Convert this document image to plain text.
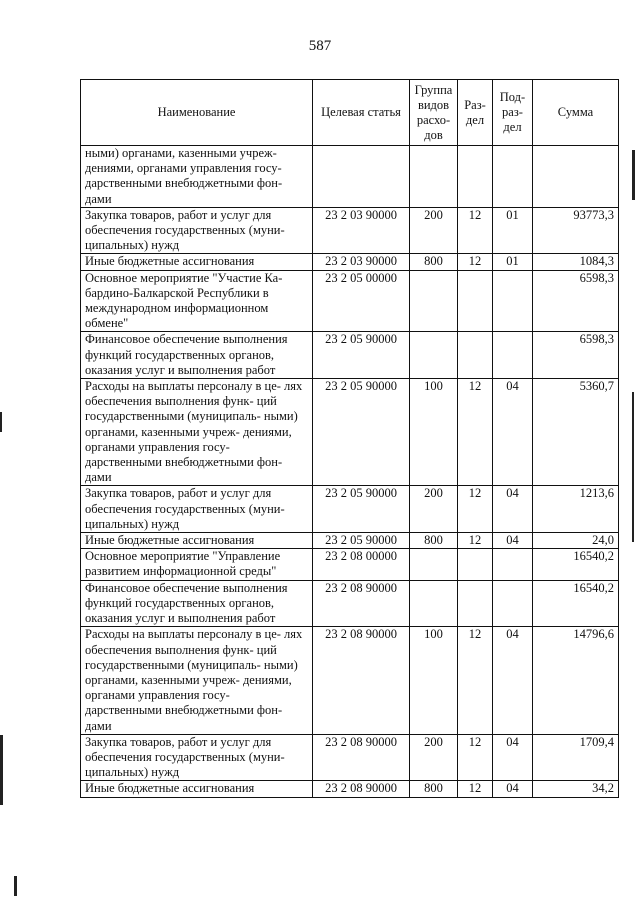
587
Наименование	Целевая статья	Группа видов расхо- дов	Раз- дел	Под- раз- дел	Сумма
ными) органами, казенными учреж- дениями, органами управления госу- дарственными внебюджетными фон- дами					
Закупка товаров, работ и услуг для обеспечения государственных (муни- ципальных) нужд	23 2 03 90000	200	12	01	93773,3
Иные бюджетные ассигнования	23 2 03 90000	800	12	01	1084,3
Основное мероприятие "Участие Ка- бардино-Балкарской Республики в международном информационном обмене"	23 2 05 00000				6598,3
Финансовое обеспечение выполнения функций государственных органов, оказания услуг и выполнения работ	23 2 05 90000				6598,3
Расходы на выплаты персоналу в це- лях обеспечения выполнения функ- ций государственными (муниципаль- ными) органами, казенными учреж- дениями, органами управления госу- дарственными внебюджетными фон- дами	23 2 05 90000	100	12	04	5360,7
Закупка товаров, работ и услуг для обеспечения государственных (муни- ципальных) нужд	23 2 05 90000	200	12	04	1213,6
Иные бюджетные ассигнования	23 2 05 90000	800	12	04	24,0
Основное мероприятие "Управление развитием информационной среды"	23 2 08 00000				16540,2
Финансовое обеспечение выполнения функций государственных органов, оказания услуг и выполнения работ	23 2 08 90000				16540,2
Расходы на выплаты персоналу в це- лях обеспечения выполнения функ- ций государственными (муниципаль- ными) органами, казенными учреж- дениями, органами управления госу- дарственными внебюджетными фон- дами	23 2 08 90000	100	12	04	14796,6
Закупка товаров, работ и услуг для обеспечения государственных (муни- ципальных) нужд	23 2 08 90000	200	12	04	1709,4
Иные бюджетные ассигнования	23 2 08 90000	800	12	04	34,2
